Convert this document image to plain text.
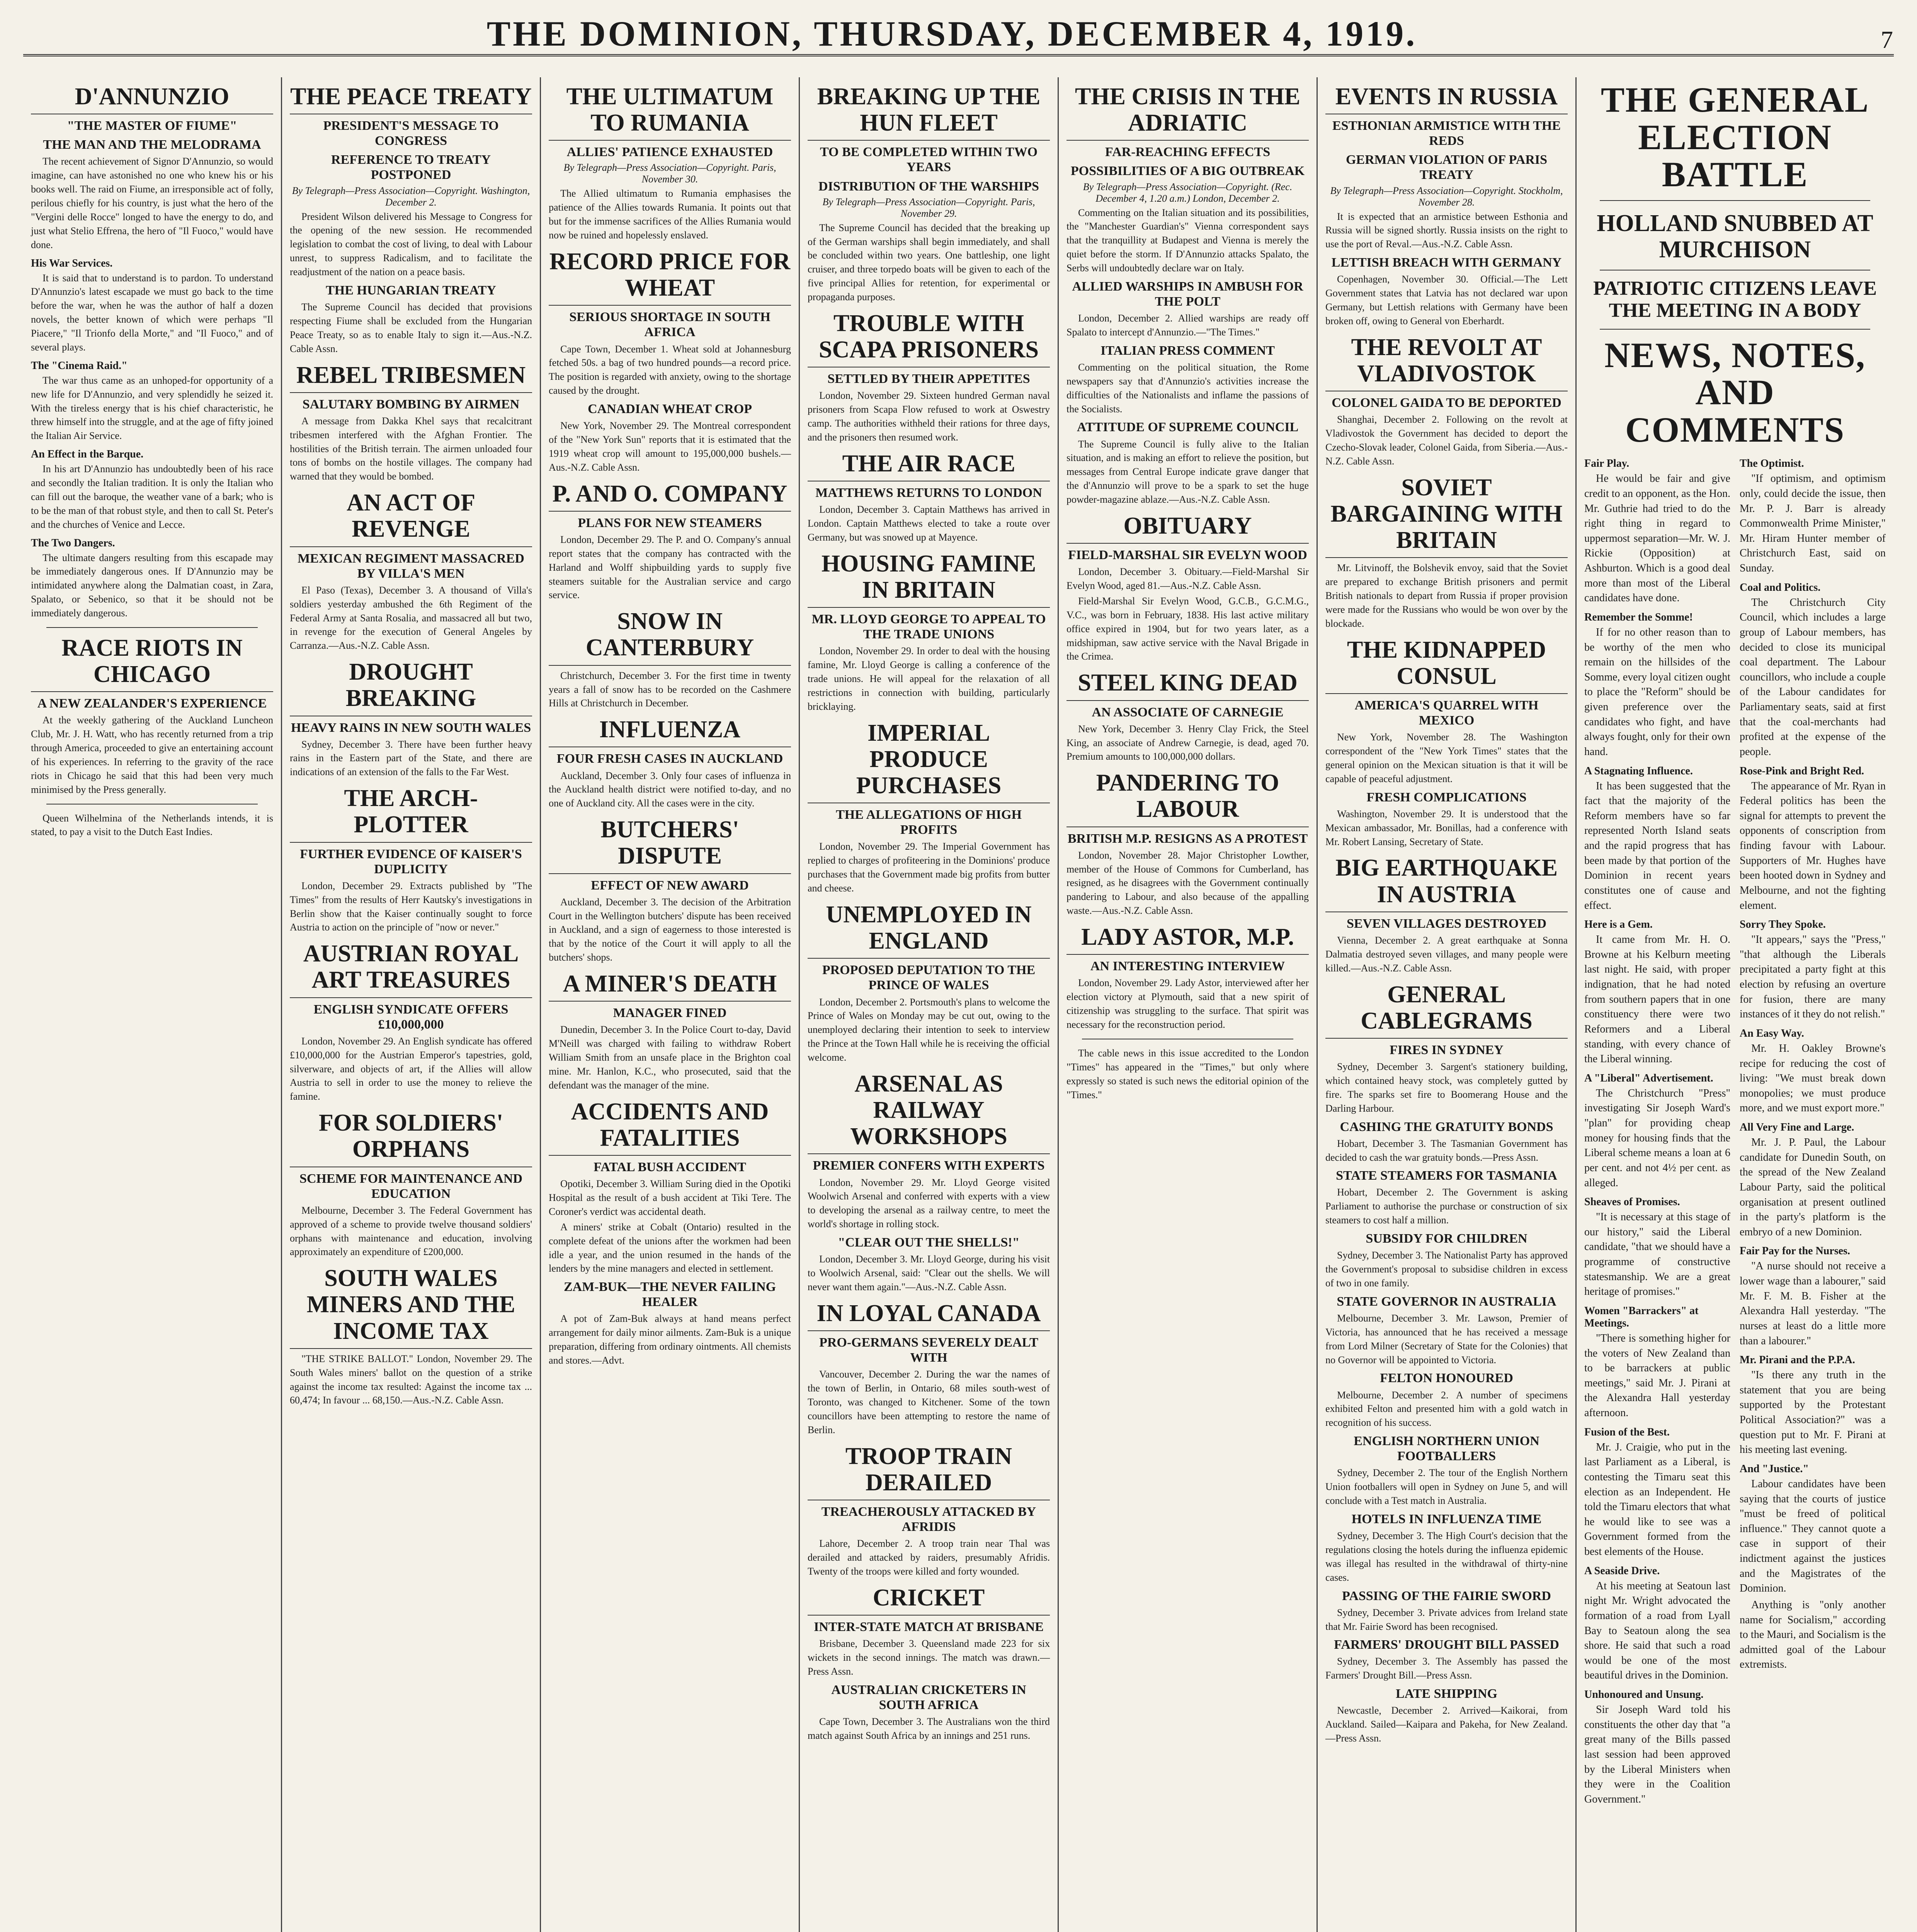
THE DOMINION, THURSDAY, DECEMBER 4, 1919.	7
D'ANNUNZIO
"THE MASTER OF FIUME"
THE MAN AND THE MELODRAMA

The recent achievement of Signor D'Annunzio, so would imagine, can have astonished no one who knew his or his books well. The raid on Fiume, an irresponsible act of folly, perilous chiefly for his country, is just what the hero of the "Vergini delle Rocce" longed to have the energy to do, and just what Stelio Effrena, the hero of "Il Fuoco," would have done.

His War Services.

It is said that to understand is to pardon. To understand D'Annunzio's latest escapade we must go back to the time before the war, when he was the author of half a dozen novels, the better known of which were perhaps "Il Piacere," "Il Trionfo della Morte," and "Il Fuoco," and of several plays.

The "Cinema Raid."

The war thus came as an unhoped-for opportunity of a new life for D'Annunzio, and very splendidly he seized it. With the tireless energy that is his chief characteristic, he threw himself into the struggle, and at the age of fifty joined the Italian Air Service.

An Effect in the Barque.

In his art D'Annunzio has undoubtedly been of his race and secondly the Italian tradition. It is only the Italian who can fill out the baroque, the weather vane of a bark; who is to be the man of that robust style, and then to call St. Peter's and the churches of Venice and Lecce.

The Two Dangers.

The ultimate dangers resulting from this escapade may be immediately dangerous ones. If D'Annunzio may be intimidated anywhere along the Dalmatian coast, in Zara, Spalato, or Sebenico, so that it be should not be immediately dangerous.

RACE RIOTS IN CHICAGO
A NEW ZEALANDER'S EXPERIENCE

At the weekly gathering of the Auckland Luncheon Club, Mr. J. H. Watt, who has recently returned from a trip through America, proceeded to give an entertaining account of his experiences. In referring to the gravity of the race riots in Chicago he said that this had been very much minimised by the Press generally.

Queen Wilhelmina of the Netherlands intends, it is stated, to pay a visit to the Dutch East Indies.

THE PEACE TREATY
PRESIDENT'S MESSAGE TO CONGRESS
REFERENCE TO TREATY POSTPONED
By Telegraph—Press Association—Copyright. Washington, December 2.

President Wilson delivered his Message to Congress for the opening of the new session. He recommended legislation to combat the cost of living, to deal with Labour unrest, to suppress Radicalism, and to facilitate the readjustment of the nation on a peace basis.

THE HUNGARIAN TREATY

The Supreme Council has decided that provisions respecting Fiume shall be excluded from the Hungarian Peace Treaty, so as to enable Italy to sign it.—Aus.-N.Z. Cable Assn.

REBEL TRIBESMEN
SALUTARY BOMBING BY AIRMEN

A message from Dakka Khel says that recalcitrant tribesmen interfered with the Afghan Frontier. The hostilities of the British terrain. The airmen unloaded four tons of bombs on the hostile villages. The company had warned that they would be bombed.

AN ACT OF REVENGE
MEXICAN REGIMENT MASSACRED BY VILLA'S MEN

El Paso (Texas), December 3. A thousand of Villa's soldiers yesterday ambushed the 6th Regiment of the Federal Army at Santa Rosalia, and massacred all but two, in revenge for the execution of General Angeles by Carranza.—Aus.-N.Z. Cable Assn.

DROUGHT BREAKING
HEAVY RAINS IN NEW SOUTH WALES

Sydney, December 3. There have been further heavy rains in the Eastern part of the State, and there are indications of an extension of the falls to the Far West.

THE ARCH-PLOTTER
FURTHER EVIDENCE OF KAISER'S DUPLICITY

London, December 29. Extracts published by "The Times" from the results of Herr Kautsky's investigations in Berlin show that the Kaiser continually sought to force Austria to action on the principle of "now or never."

AUSTRIAN ROYAL ART TREASURES
ENGLISH SYNDICATE OFFERS £10,000,000

London, November 29. An English syndicate has offered £10,000,000 for the Austrian Emperor's tapestries, gold, silverware, and objects of art, if the Allies will allow Austria to sell in order to use the money to relieve the famine.

FOR SOLDIERS' ORPHANS
SCHEME FOR MAINTENANCE AND EDUCATION

Melbourne, December 3. The Federal Government has approved of a scheme to provide twelve thousand soldiers' orphans with maintenance and education, involving approximately an expenditure of £200,000.

SOUTH WALES MINERS AND THE INCOME TAX

"THE STRIKE BALLOT." London, November 29. The South Wales miners' ballot on the question of a strike against the income tax resulted: Against the income tax ... 60,474; In favour ... 68,150.—Aus.-N.Z. Cable Assn.

THE ULTIMATUM TO RUMANIA
ALLIES' PATIENCE EXHAUSTED
By Telegraph—Press Association—Copyright. Paris, November 30.

The Allied ultimatum to Rumania emphasises the patience of the Allies towards Rumania. It points out that but for the immense sacrifices of the Allies Rumania would now be ruined and hopelessly enslaved.

RECORD PRICE FOR WHEAT
SERIOUS SHORTAGE IN SOUTH AFRICA

Cape Town, December 1. Wheat sold at Johannesburg fetched 50s. a bag of two hundred pounds—a record price. The position is regarded with anxiety, owing to the shortage caused by the drought.

CANADIAN WHEAT CROP

New York, November 29. The Montreal correspondent of the "New York Sun" reports that it is estimated that the 1919 wheat crop will amount to 195,000,000 bushels.—Aus.-N.Z. Cable Assn.

P. AND O. COMPANY
PLANS FOR NEW STEAMERS

London, December 29. The P. and O. Company's annual report states that the company has contracted with the Harland and Wolff shipbuilding yards to supply five steamers suitable for the Australian service and cargo service.

SNOW IN CANTERBURY

Christchurch, December 3. For the first time in twenty years a fall of snow has to be recorded on the Cashmere Hills at Christchurch in December.

INFLUENZA
FOUR FRESH CASES IN AUCKLAND

Auckland, December 3. Only four cases of influenza in the Auckland health district were notified to-day, and no one of Auckland city. All the cases were in the city.

BUTCHERS' DISPUTE
EFFECT OF NEW AWARD

Auckland, December 3. The decision of the Arbitration Court in the Wellington butchers' dispute has been received in Auckland, and a sign of eagerness to those interested is that by the notice of the Court it will apply to all the butchers' shops.

A MINER'S DEATH
MANAGER FINED

Dunedin, December 3. In the Police Court to-day, David M'Neill was charged with failing to withdraw Robert William Smith from an unsafe place in the Brighton coal mine. Mr. Hanlon, K.C., who prosecuted, said that the defendant was the manager of the mine.

ACCIDENTS AND FATALITIES
FATAL BUSH ACCIDENT

Opotiki, December 3. William Suring died in the Opotiki Hospital as the result of a bush accident at Tiki Tere. The Coroner's verdict was accidental death.

A miners' strike at Cobalt (Ontario) resulted in the complete defeat of the unions after the workmen had been idle a year, and the union resumed in the hands of the lenders by the mine managers and elected in settlement.

ZAM-BUK—THE NEVER FAILING HEALER

A pot of Zam-Buk always at hand means perfect arrangement for daily minor ailments. Zam-Buk is a unique preparation, differing from ordinary ointments. All chemists and stores.—Advt.

BREAKING UP THE HUN FLEET
TO BE COMPLETED WITHIN TWO YEARS
DISTRIBUTION OF THE WARSHIPS
By Telegraph—Press Association—Copyright. Paris, November 29.

The Supreme Council has decided that the breaking up of the German warships shall begin immediately, and shall be concluded within two years. One battleship, one light cruiser, and three torpedo boats will be given to each of the five principal Allies for retention, for experimental or propaganda purposes.

TROUBLE WITH SCAPA PRISONERS
SETTLED BY THEIR APPETITES

London, November 29. Sixteen hundred German naval prisoners from Scapa Flow refused to work at Oswestry camp. The authorities withheld their rations for three days, and the prisoners then resumed work.

THE AIR RACE
MATTHEWS RETURNS TO LONDON

London, December 3. Captain Matthews has arrived in London. Captain Matthews elected to take a route over Germany, but was snowed up at Mayence.

HOUSING FAMINE IN BRITAIN
MR. LLOYD GEORGE TO APPEAL TO THE TRADE UNIONS

London, November 29. In order to deal with the housing famine, Mr. Lloyd George is calling a conference of the trade unions. He will appeal for the relaxation of all restrictions in connection with building, particularly bricklaying.

IMPERIAL PRODUCE PURCHASES
THE ALLEGATIONS OF HIGH PROFITS

London, November 29. The Imperial Government has replied to charges of profiteering in the Dominions' produce purchases that the Government made big profits from butter and cheese.

UNEMPLOYED IN ENGLAND
PROPOSED DEPUTATION TO THE PRINCE OF WALES

London, December 2. Portsmouth's plans to welcome the Prince of Wales on Monday may be cut out, owing to the unemployed declaring their intention to seek to interview the Prince at the Town Hall while he is receiving the official welcome.

ARSENAL AS RAILWAY WORKSHOPS
PREMIER CONFERS WITH EXPERTS

London, November 29. Mr. Lloyd George visited Woolwich Arsenal and conferred with experts with a view to developing the arsenal as a railway centre, to meet the world's shortage in rolling stock.

"CLEAR OUT THE SHELLS!"

London, December 3. Mr. Lloyd George, during his visit to Woolwich Arsenal, said: "Clear out the shells. We will never want them again."—Aus.-N.Z. Cable Assn.

IN LOYAL CANADA
PRO-GERMANS SEVERELY DEALT WITH

Vancouver, December 2. During the war the names of the town of Berlin, in Ontario, 68 miles south-west of Toronto, was changed to Kitchener. Some of the town councillors have been attempting to restore the name of Berlin.

TROOP TRAIN DERAILED
TREACHEROUSLY ATTACKED BY AFRIDIS

Lahore, December 2. A troop train near Thal was derailed and attacked by raiders, presumably Afridis. Twenty of the troops were killed and forty wounded.

CRICKET
INTER-STATE MATCH AT BRISBANE

Brisbane, December 3. Queensland made 223 for six wickets in the second innings. The match was drawn.—Press Assn.

AUSTRALIAN CRICKETERS IN SOUTH AFRICA

Cape Town, December 3. The Australians won the third match against South Africa by an innings and 251 runs.

THE CRISIS IN THE ADRIATIC
FAR-REACHING EFFECTS
POSSIBILITIES OF A BIG OUTBREAK
By Telegraph—Press Association—Copyright. (Rec. December 4, 1.20 a.m.) London, December 2.

Commenting on the Italian situation and its possibilities, the "Manchester Guardian's" Vienna correspondent says that the tranquillity at Budapest and Vienna is merely the quiet before the storm. If D'Annunzio attacks Spalato, the Serbs will undoubtedly declare war on Italy.

ALLIED WARSHIPS IN AMBUSH FOR THE POLT

London, December 2. Allied warships are ready off Spalato to intercept d'Annunzio.—"The Times."

ITALIAN PRESS COMMENT

Commenting on the political situation, the Rome newspapers say that d'Annunzio's activities increase the difficulties of the Nationalists and inflame the passions of the Socialists.

ATTITUDE OF SUPREME COUNCIL

The Supreme Council is fully alive to the Italian situation, and is making an effort to relieve the position, but messages from Central Europe indicate grave danger that the d'Annunzio will prove to be a spark to set the huge powder-magazine ablaze.—Aus.-N.Z. Cable Assn.

OBITUARY
FIELD-MARSHAL SIR EVELYN WOOD

London, December 3. Obituary.—Field-Marshal Sir Evelyn Wood, aged 81.—Aus.-N.Z. Cable Assn.

Field-Marshal Sir Evelyn Wood, G.C.B., G.C.M.G., V.C., was born in February, 1838. His last active military office expired in 1904, but for two years later, as a midshipman, saw active service with the Naval Brigade in the Crimea.

STEEL KING DEAD
AN ASSOCIATE OF CARNEGIE

New York, December 3. Henry Clay Frick, the Steel King, an associate of Andrew Carnegie, is dead, aged 70. Premium amounts to 100,000,000 dollars.

PANDERING TO LABOUR
BRITISH M.P. RESIGNS AS A PROTEST

London, November 28. Major Christopher Lowther, member of the House of Commons for Cumberland, has resigned, as he disagrees with the Government continually pandering to Labour, and also because of the appalling waste.—Aus.-N.Z. Cable Assn.

LADY ASTOR, M.P.
AN INTERESTING INTERVIEW

London, November 29. Lady Astor, interviewed after her election victory at Plymouth, said that a new spirit of citizenship was struggling to the surface. That spirit was necessary for the reconstruction period.

The cable news in this issue accredited to the London "Times" has appeared in the "Times," but only where expressly so stated is such news the editorial opinion of the "Times."

EVENTS IN RUSSIA
ESTHONIAN ARMISTICE WITH THE REDS
GERMAN VIOLATION OF PARIS TREATY
By Telegraph—Press Association—Copyright. Stockholm, November 28.

It is expected that an armistice between Esthonia and Russia will be signed shortly. Russia insists on the right to use the port of Reval.—Aus.-N.Z. Cable Assn.

LETTISH BREACH WITH GERMANY

Copenhagen, November 30. Official.—The Lett Government states that Latvia has not declared war upon Germany, but Lettish relations with Germany have been broken off, owing to General von Eberhardt.

THE REVOLT AT VLADIVOSTOK
COLONEL GAIDA TO BE DEPORTED

Shanghai, December 2. Following on the revolt at Vladivostok the Government has decided to deport the Czecho-Slovak leader, Colonel Gaida, from Siberia.—Aus.-N.Z. Cable Assn.

SOVIET BARGAINING WITH BRITAIN

Mr. Litvinoff, the Bolshevik envoy, said that the Soviet are prepared to exchange British prisoners and permit British nationals to depart from Russia if proper provision were made for the Russians who would be won over by the blockade.

THE KIDNAPPED CONSUL
AMERICA'S QUARREL WITH MEXICO

New York, November 28. The Washington correspondent of the "New York Times" states that the general opinion on the Mexican situation is that it will be capable of peaceful adjustment.

FRESH COMPLICATIONS

Washington, November 29. It is understood that the Mexican ambassador, Mr. Bonillas, had a conference with Mr. Robert Lansing, Secretary of State.

BIG EARTHQUAKE IN AUSTRIA
SEVEN VILLAGES DESTROYED

Vienna, December 2. A great earthquake at Sonna Dalmatia destroyed seven villages, and many people were killed.—Aus.-N.Z. Cable Assn.

GENERAL CABLEGRAMS
FIRES IN SYDNEY

Sydney, December 3. Sargent's stationery building, which contained heavy stock, was completely gutted by fire. The sparks set fire to Boomerang House and the Darling Harbour.

CASHING THE GRATUITY BONDS

Hobart, December 3. The Tasmanian Government has decided to cash the war gratuity bonds.—Press Assn.

STATE STEAMERS FOR TASMANIA

Hobart, December 2. The Government is asking Parliament to authorise the purchase or construction of six steamers to cost half a million.

SUBSIDY FOR CHILDREN

Sydney, December 3. The Nationalist Party has approved the Government's proposal to subsidise children in excess of two in one family.

STATE GOVERNOR IN AUSTRALIA

Melbourne, December 3. Mr. Lawson, Premier of Victoria, has announced that he has received a message from Lord Milner (Secretary of State for the Colonies) that no Governor will be appointed to Victoria.

FELTON HONOURED

Melbourne, December 2. A number of specimens exhibited Felton and presented him with a gold watch in recognition of his success.

ENGLISH NORTHERN UNION FOOTBALLERS

Sydney, December 2. The tour of the English Northern Union footballers will open in Sydney on June 5, and will conclude with a Test match in Australia.

HOTELS IN INFLUENZA TIME

Sydney, December 3. The High Court's decision that the regulations closing the hotels during the influenza epidemic was illegal has resulted in the withdrawal of thirty-nine cases.

PASSING OF THE FAIRIE SWORD

Sydney, December 3. Private advices from Ireland state that Mr. Fairie Sword has been recognised.

FARMERS' DROUGHT BILL PASSED

Sydney, December 3. The Assembly has passed the Farmers' Drought Bill.—Press Assn.

LATE SHIPPING

Newcastle, December 2. Arrived—Kaikorai, from Auckland. Sailed—Kaipara and Pakeha, for New Zealand.—Press Assn.

THE GENERAL ELECTION BATTLE
HOLLAND SNUBBED AT MURCHISON
PATRIOTIC CITIZENS LEAVE THE MEETING IN A BODY
NEWS, NOTES, AND COMMENTS
Fair Play.

He would be fair and give credit to an opponent, as the Hon. Mr. Guthrie had tried to do the right thing in regard to uppermost separation—Mr. W. J. Rickie (Opposition) at Ashburton. Which is a good deal more than most of the Liberal candidates have done.

Remember the Somme!

If for no other reason than to be worthy of the men who remain on the hillsides of the Somme, every loyal citizen ought to place the "Reform" should be given preference over the candidates who fight, and have always fought, only for their own hand.

A Stagnating Influence.

It has been suggested that the fact that the majority of the Reform members have so far represented North Island seats and the rapid progress that has been made by that portion of the Dominion in recent years constitutes one of cause and effect.

Here is a Gem.

It came from Mr. H. O. Browne at his Kelburn meeting last night. He said, with proper indignation, that he had noted from southern papers that in one constituency there were two Reformers and a Liberal standing, with every chance of the Liberal winning.

A "Liberal" Advertisement.

The Christchurch "Press" investigating Sir Joseph Ward's "plan" for providing cheap money for housing finds that the Liberal scheme means a loan at 6 per cent. and not 4½ per cent. as alleged.

Sheaves of Promises.

"It is necessary at this stage of our history," said the Liberal candidate, "that we should have a programme of constructive statesmanship. We are a great heritage of promises."

Women "Barrackers" at Meetings.

"There is something higher for the voters of New Zealand than to be barrackers at public meetings," said Mr. J. Pirani at the Alexandra Hall yesterday afternoon.

Fusion of the Best.

Mr. J. Craigie, who put in the last Parliament as a Liberal, is contesting the Timaru seat this election as an Independent. He told the Timaru electors that what he would like to see was a Government formed from the best elements of the House.

A Seaside Drive.

At his meeting at Seatoun last night Mr. Wright advocated the formation of a road from Lyall Bay to Seatoun along the sea shore. He said that such a road would be one of the most beautiful drives in the Dominion.

Unhonoured and Unsung.

Sir Joseph Ward told his constituents the other day that "a great many of the Bills passed last session had been approved by the Liberal Ministers when they were in the Coalition Government."

The Optimist.

"If optimism, and optimism only, could decide the issue, then Mr. P. J. Barr is already Commonwealth Prime Minister," Mr. Hiram Hunter member of Christchurch East, said on Sunday.

Coal and Politics.

The Christchurch City Council, which includes a large group of Labour members, has decided to close its municipal coal department. The Labour councillors, who include a couple of the Labour candidates for Parliamentary seats, said at first that the coal-merchants had profited at the expense of the people.

Rose-Pink and Bright Red.

The appearance of Mr. Ryan in Federal politics has been the signal for attempts to prevent the opponents of conscription from finding favour with Labour. Supporters of Mr. Hughes have been hooted down in Sydney and Melbourne, and not the fighting element.

Sorry They Spoke.

"It appears," says the "Press," "that although the Liberals precipitated a party fight at this election by refusing an overture for fusion, there are many instances of it they do not relish."

An Easy Way.

Mr. H. Oakley Browne's recipe for reducing the cost of living: "We must break down monopolies; we must produce more, and we must export more."

All Very Fine and Large.

Mr. J. P. Paul, the Labour candidate for Dunedin South, on the spread of the New Zealand Labour Party, said the political organisation at present outlined in the party's platform is the embryo of a new Dominion.

Fair Pay for the Nurses.

"A nurse should not receive a lower wage than a labourer," said Mr. F. M. B. Fisher at the Alexandra Hall yesterday. "The nurses at least do a little more than a labourer."

Mr. Pirani and the P.P.A.

"Is there any truth in the statement that you are being supported by the Protestant Political Association?" was a question put to Mr. F. Pirani at his meeting last evening.

And "Justice."

Labour candidates have been saying that the courts of justice "must be freed of political influence." They cannot quote a case in support of their indictment against the justices and the Magistrates of the Dominion.

Anything is "only another name for Socialism," according to the Mauri, and Socialism is the admitted goal of the Labour extremists.
